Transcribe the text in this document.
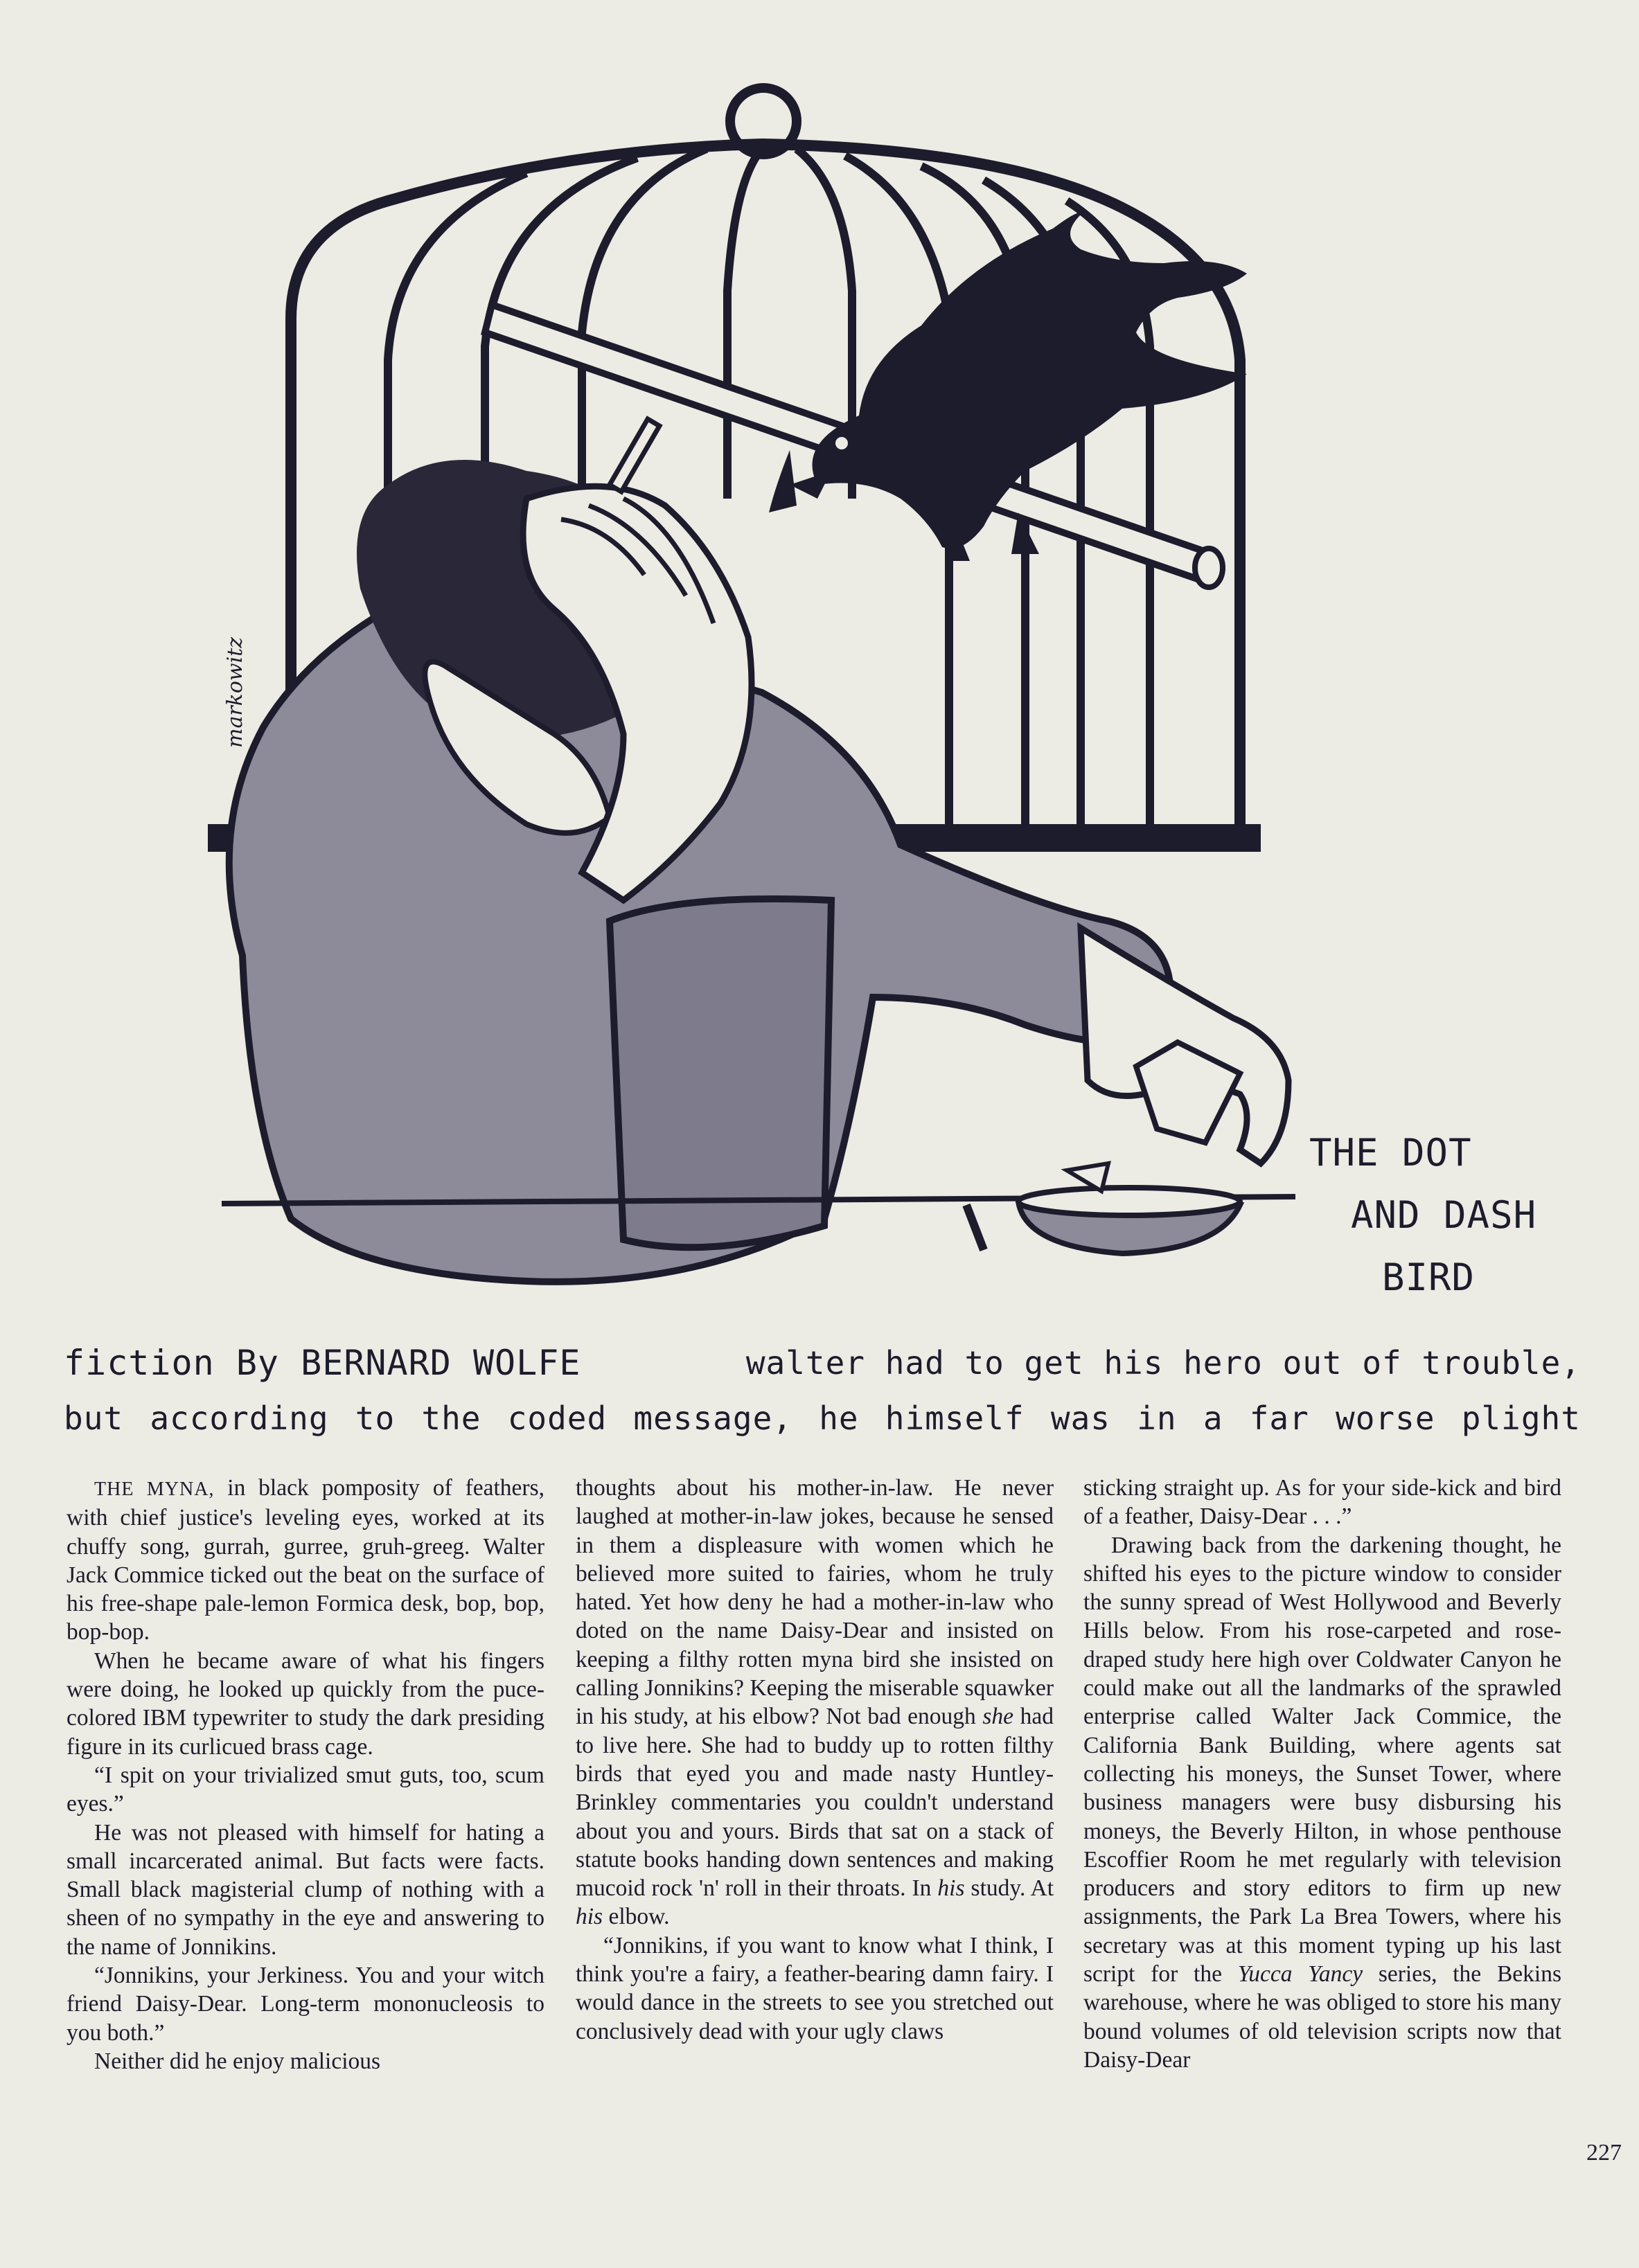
markowitz
THE DOT
AND DASH
BIRD
fiction By BERNARD WOLFE	walter had to get his hero out of trouble,
but according to the coded message, he himself was in a far worse plight

THE MYNA, in black pomposity of feathers, with chief justice's leveling eyes, worked at its chuffy song, gurrah, gurree, gruh-greeg. Walter Jack Commice ticked out the beat on the surface of his free-shape pale-lemon Formica desk, bop, bop, bop-bop.

When he became aware of what his fingers were doing, he looked up quickly from the puce-colored IBM typewriter to study the dark presiding figure in its curlicued brass cage.

“I spit on your trivialized smut guts, too, scum eyes.”

He was not pleased with himself for hating a small incarcerated animal. But facts were facts. Small black magisterial clump of nothing with a sheen of no sympathy in the eye and answering to the name of Jonnikins.

“Jonnikins, your Jerkiness. You and your witch friend Daisy-Dear. Long-term mononucleosis to you both.”

Neither did he enjoy malicious

thoughts about his mother-in-law. He never laughed at mother-in-law jokes, because he sensed in them a displeasure with women which he believed more suited to fairies, whom he truly hated. Yet how deny he had a mother-in-law who doted on the name Daisy-Dear and insisted on keeping a filthy rotten myna bird she insisted on calling Jonnikins? Keeping the miserable squawker in his study, at his elbow? Not bad enough she had to live here. She had to buddy up to rotten filthy birds that eyed you and made nasty Huntley-Brinkley commentaries you couldn't understand about you and yours. Birds that sat on a stack of statute books handing down sentences and making mucoid rock 'n' roll in their throats. In his study. At his elbow.

“Jonnikins, if you want to know what I think, I think you're a fairy, a feather-bearing damn fairy. I would dance in the streets to see you stretched out conclusively dead with your ugly claws

sticking straight up. As for your side-kick and bird of a feather, Daisy-Dear . . .”

Drawing back from the darkening thought, he shifted his eyes to the picture window to consider the sunny spread of West Hollywood and Beverly Hills below. From his rose-carpeted and rose-draped study here high over Coldwater Canyon he could make out all the landmarks of the sprawled enterprise called Walter Jack Commice, the California Bank Building, where agents sat collecting his moneys, the Sunset Tower, where business managers were busy disbursing his moneys, the Beverly Hilton, in whose penthouse Escoffier Room he met regularly with television producers and story editors to firm up new assignments, the Park La Brea Towers, where his secretary was at this moment typing up his last script for the Yucca Yancy series, the Bekins warehouse, where he was obliged to store his many bound volumes of old television scripts now that Daisy-Dear

227
